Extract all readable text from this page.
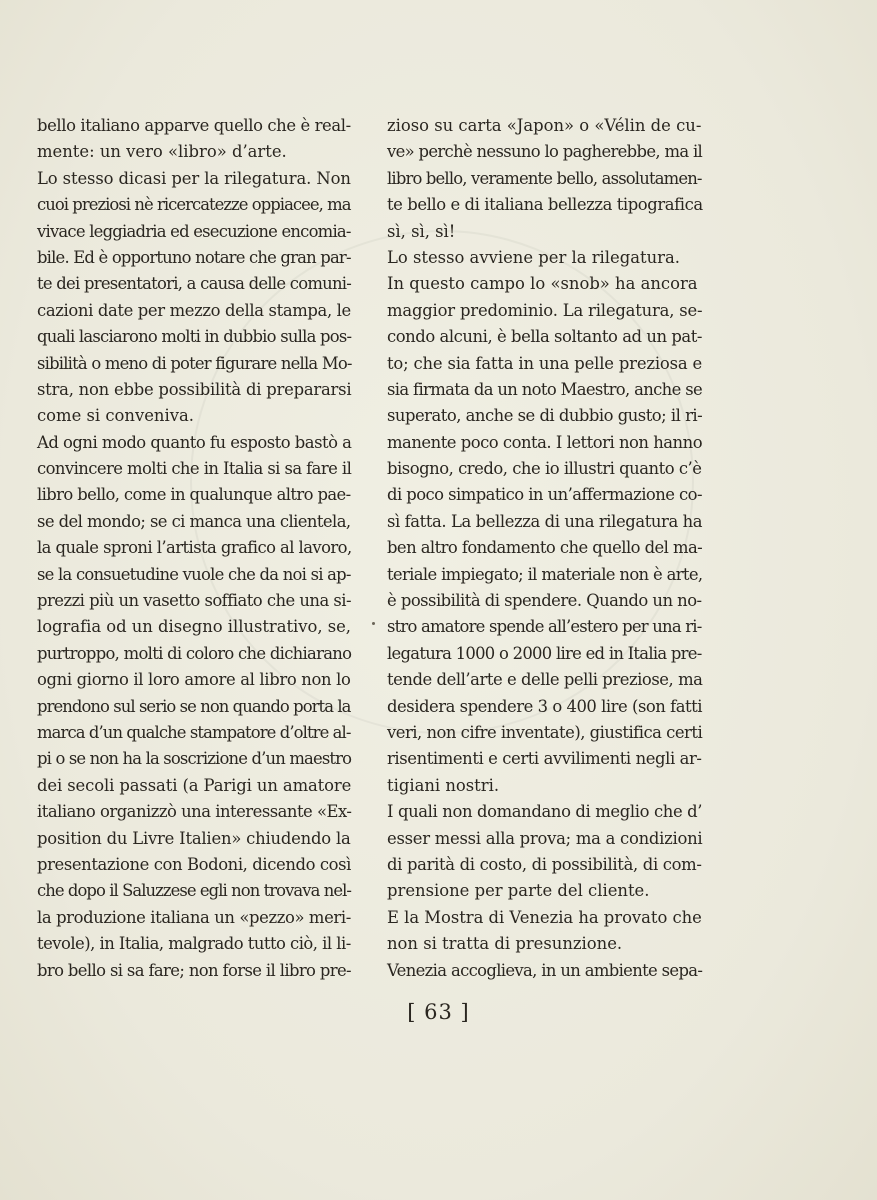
bello italiano apparve quello che è real-
mente: un vero «libro» d’arte.
Lo stesso dicasi per la rilegatura. Non
cuoi preziosi nè ricercatezze oppiacee, ma
vivace leggiadria ed esecuzione encomia-
bile. Ed è opportuno notare che gran par-
te dei presentatori, a causa delle comuni-
cazioni date per mezzo della stampa, le
quali lasciarono molti in dubbio sulla pos-
sibilità o meno di poter figurare nella Mo-
stra, non ebbe possibilità di prepararsi
come si conveniva.
Ad ogni modo quanto fu esposto bastò a
convincere molti che in Italia si sa fare il
libro bello, come in qualunque altro pae-
se del mondo; se ci manca una clientela,
la quale sproni l’artista grafico al lavoro,
se la consuetudine vuole che da noi si ap-
prezzi più un vasetto soffiato che una si-
lografia od un disegno illustrativo, se,
purtroppo, molti di coloro che dichiarano
ogni giorno il loro amore al libro non lo
prendono sul serio se non quando porta la
marca d’un qualche stampatore d’oltre al-
pi o se non ha la soscrizione d’un maestro
dei secoli passati (a Parigi un amatore
italiano organizzò una interessante «Ex-
position du Livre Italien» chiudendo la
presentazione con Bodoni, dicendo così
che dopo il Saluzzese egli non trovava nel-
la produzione italiana un «pezzo» meri-
tevole), in Italia, malgrado tutto ciò, il li-
bro bello si sa fare; non forse il libro pre-
zioso su carta «Japon» o «Vélin de cu-
ve» perchè nessuno lo pagherebbe, ma il
libro bello, veramente bello, assolutamen-
te bello e di italiana bellezza tipografica
sì, sì, sì!
Lo stesso avviene per la rilegatura.
In questo campo lo «snob» ha ancora
maggior predominio. La rilegatura, se-
condo alcuni, è bella soltanto ad un pat-
to; che sia fatta in una pelle preziosa e
sia firmata da un noto Maestro, anche se
superato, anche se di dubbio gusto; il ri-
manente poco conta. I lettori non hanno
bisogno, credo, che io illustri quanto c’è
di poco simpatico in un’affermazione co-
sì fatta. La bellezza di una rilegatura ha
ben altro fondamento che quello del ma-
teriale impiegato; il materiale non è arte,
è possibilità di spendere. Quando un no-
stro amatore spende all’estero per una ri-
legatura 1000 o 2000 lire ed in Italia pre-
tende dell’arte e delle pelli preziose, ma
desidera spendere 3 o 400 lire (son fatti
veri, non cifre inventate), giustifica certi
risentimenti e certi avvilimenti negli ar-
tigiani nostri.
I quali non domandano di meglio che d’
esser messi alla prova; ma a condizioni
di parità di costo, di possibilità, di com-
prensione per parte del cliente.
E la Mostra di Venezia ha provato che
non si tratta di presunzione.
Venezia accoglieva, in un ambiente sepa-
[ 63 ]
